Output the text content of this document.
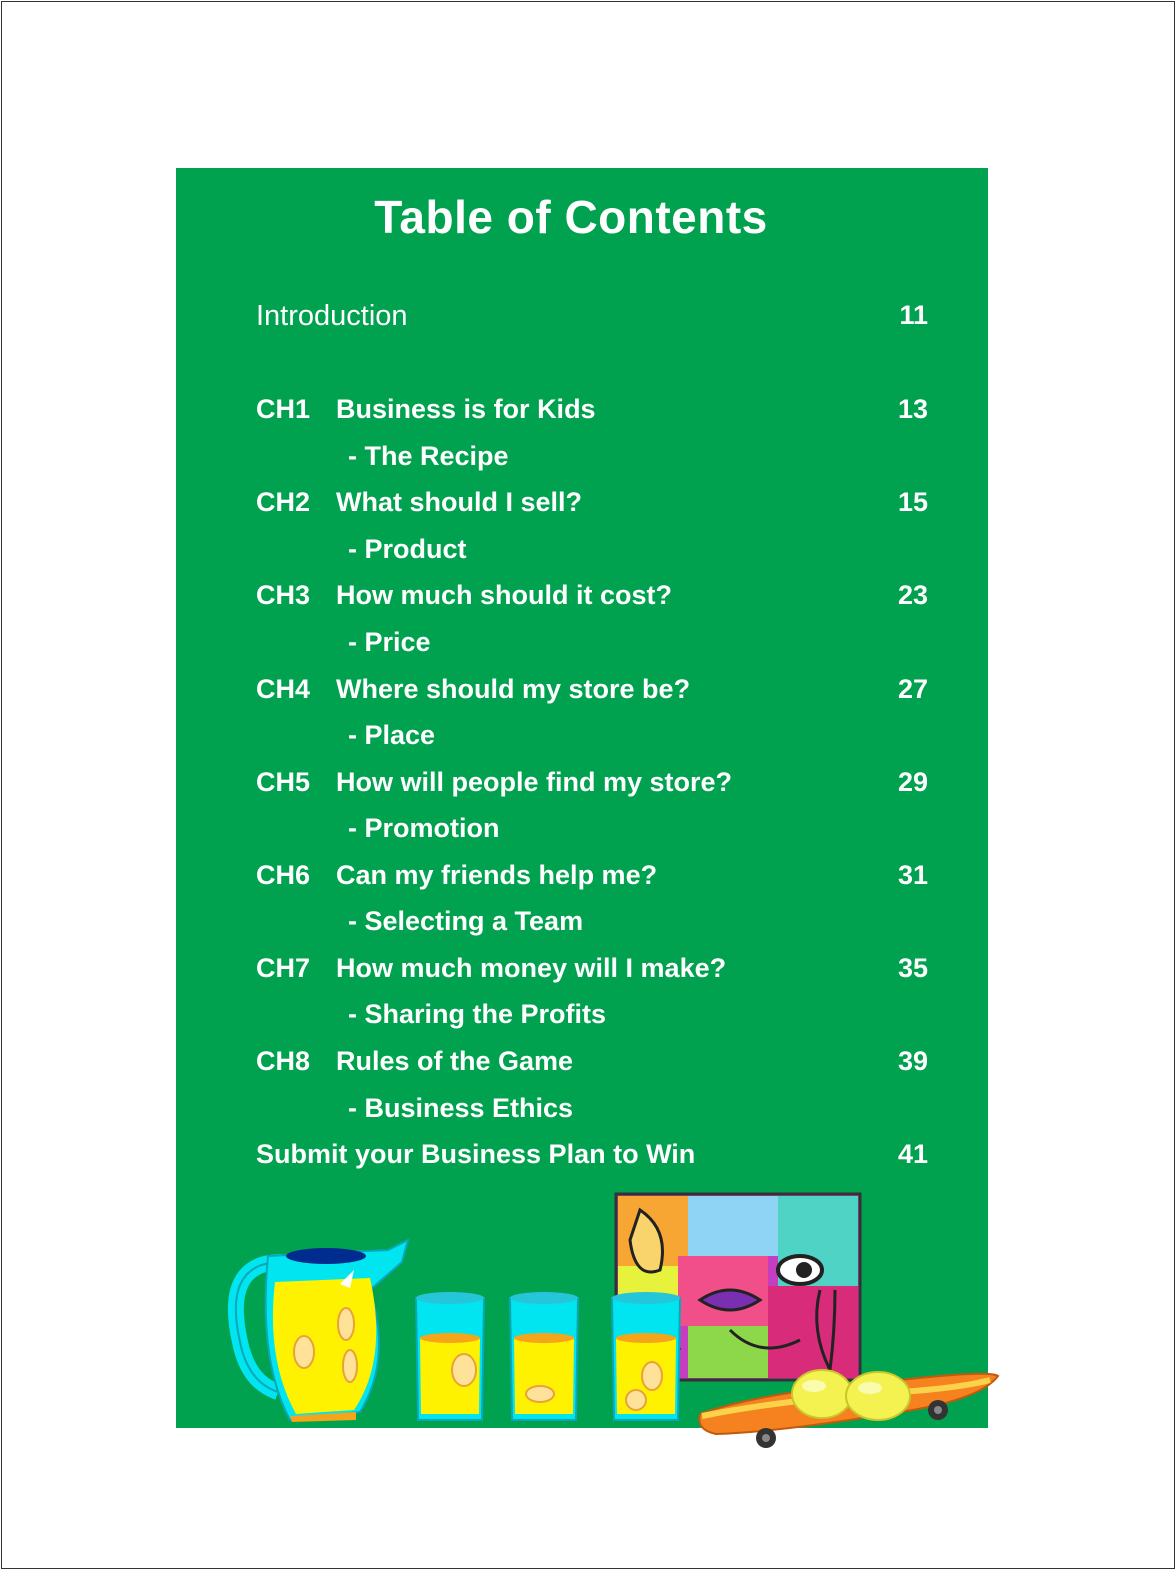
Table of Contents
Introduction	11
CH1 Business is for Kids	13
- The Recipe
CH2 What should I sell?	15
- Product
CH3 How much should it cost?	23
- Price
CH4 Where should my store be?	27
- Place
CH5 How will people find my store?	29
- Promotion
CH6 Can my friends help me?	31
- Selecting a Team
CH7 How much money will I make?	35
- Sharing the Profits
CH8 Rules of the Game	39
- Business Ethics
Submit your Business Plan to Win	41
